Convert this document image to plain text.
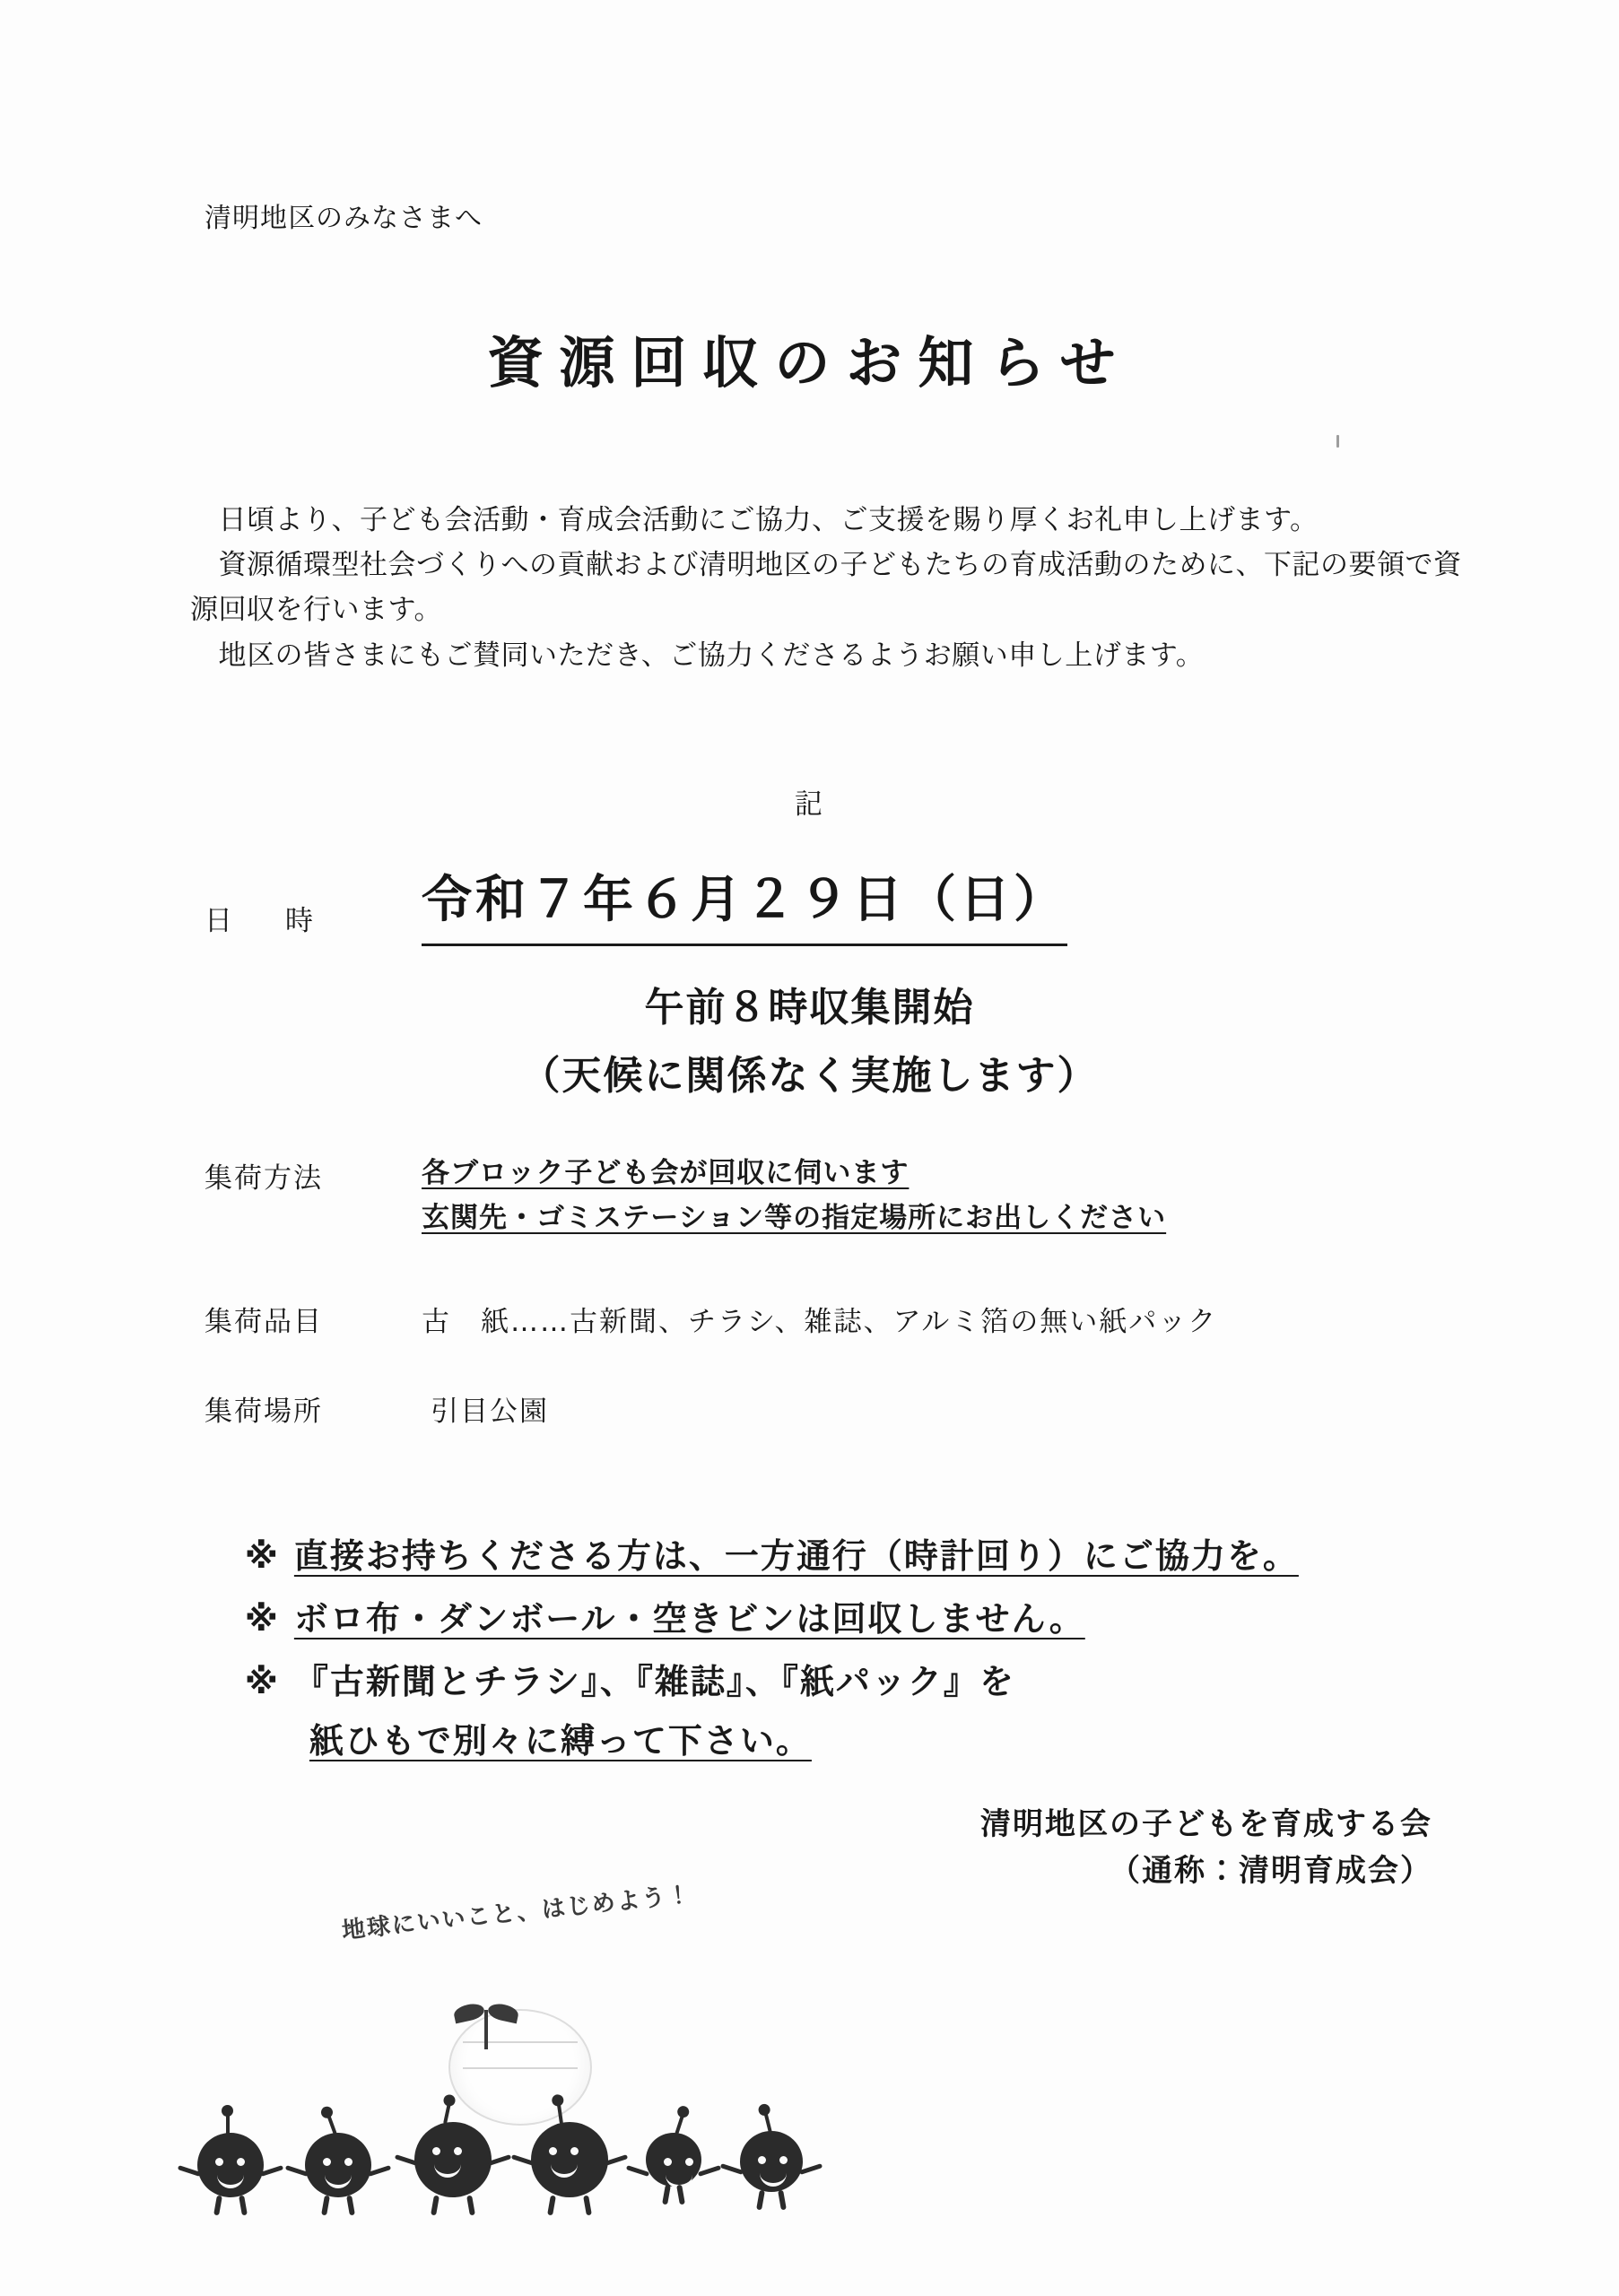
清明地区のみなさまへ
資源回収のお知らせ
　日頃より、子ども会活動・育成会活動にご協力、ご支援を賜り厚くお礼申し上げます。
　資源循環型社会づくりへの貢献および清明地区の子どもたちの育成活動のために、下記の要領で資源回収を行います。
　地区の皆さまにもご賛同いただき、ご協力くださるようお願い申し上げます。
記
日　時 令和７年６月２９日（日）
午前８時収集開始
（天候に関係なく実施します）
集荷方法	各ブロック子ども会が回収に伺います
玄関先・ゴミステーション等の指定場所にお出しください
集荷品目	古　紙……古新聞、チラシ、雑誌、アルミ箔の無い紙パック
集荷場所	引目公園

※ 直接お持ちくださる方は、一方通行（時計回り）にご協力を。

※ ボロ布・ダンボール・空きビンは回収しません。

※ 『古新聞とチラシ』、『雑誌』、『紙パック』を

紙ひもで別々に縛って下さい。

清明地区の子どもを育成する会
（通称：清明育成会）
地球にいいこと、はじめよう！
